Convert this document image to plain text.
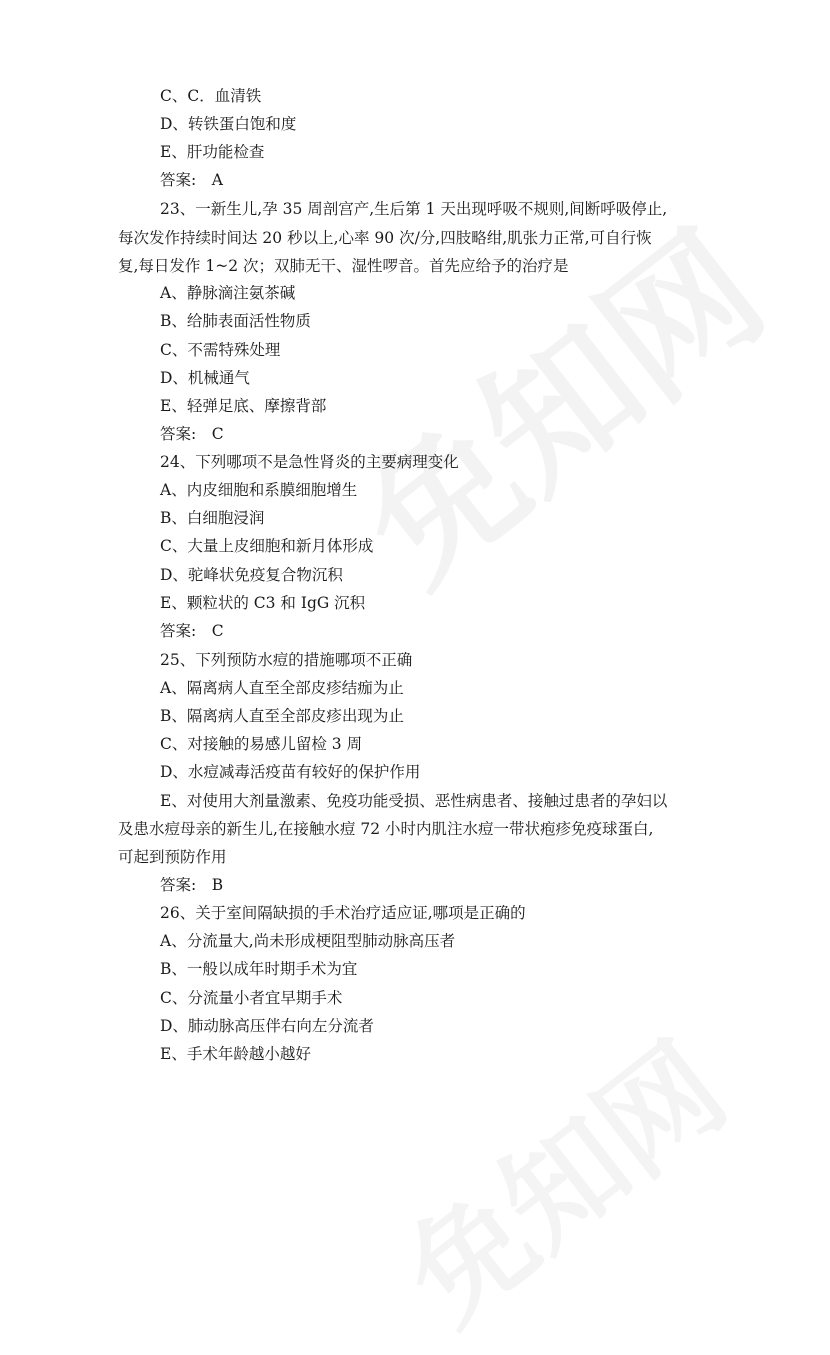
C、C．血清铁
D、转铁蛋白饱和度
E、肝功能检查
答案:　A
23、一新生儿,孕 35 周剖宫产,生后第 1 天出现呼吸不规则,间断呼吸停止,
每次发作持续时间达 20 秒以上,心率 90 次/分,四肢略绀,肌张力正常,可自行恢
复,每日发作 1~2 次；双肺无干、湿性啰音。首先应给予的治疗是
A、静脉滴注氨茶碱
B、给肺表面活性物质
C、不需特殊处理
D、机械通气
E、轻弹足底、摩擦背部
答案:　C
24、下列哪项不是急性肾炎的主要病理变化
A、内皮细胞和系膜细胞增生
B、白细胞浸润
C、大量上皮细胞和新月体形成
D、驼峰状免疫复合物沉积
E、颗粒状的 C3 和 IgG 沉积
答案:　C
25、下列预防水痘的措施哪项不正确
A、隔离病人直至全部皮疹结痂为止
B、隔离病人直至全部皮疹出现为止
C、对接触的易感儿留检 3 周
D、水痘减毒活疫苗有较好的保护作用
E、对使用大剂量激素、免疫功能受损、恶性病患者、接触过患者的孕妇以
及患水痘母亲的新生儿,在接触水痘 72 小时内肌注水痘一带状疱疹免疫球蛋白,
可起到预防作用
答案:　B
26、关于室间隔缺损的手术治疗适应证,哪项是正确的
A、分流量大,尚未形成梗阻型肺动脉高压者
B、一般以成年时期手术为宜
C、分流量小者宜早期手术
D、肺动脉高压伴右向左分流者
E、手术年龄越小越好
